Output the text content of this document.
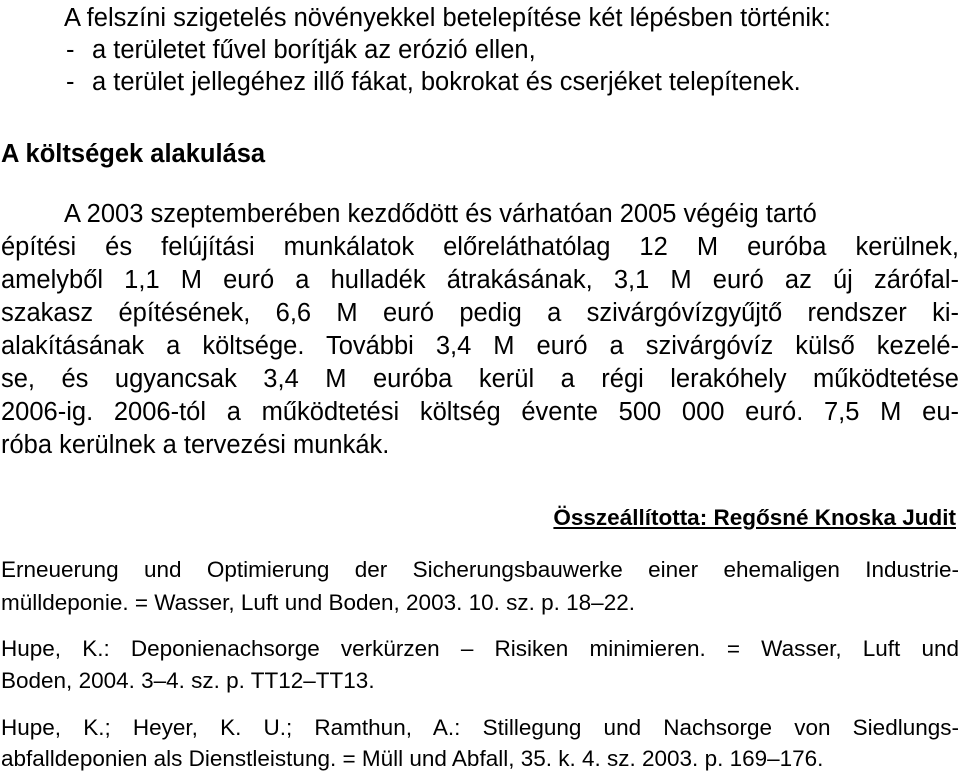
A felszíni szigetelés növényekkel betelepítése két lépésben történik:

- a területet fűvel borítják az erózió ellen,

- a terület jellegéhez illő fákat, bokrokat és cserjéket telepítenek.

A költségek alakulása

A 2003 szeptemberében kezdődött és várhatóan 2005 végéig tartó

építési és felújítási munkálatok előreláthatólag 12 M euróba kerülnek,

amelyből 1,1 M euró a hulladék átrakásának, 3,1 M euró az új zárófal-

szakasz építésének, 6,6 M euró pedig a szivárgóvízgyűjtő rendszer ki-

alakításának a költsége. További 3,4 M euró a szivárgóvíz külső kezelé-

se, és ugyancsak 3,4 M euróba kerül a régi lerakóhely működtetése

2006-ig. 2006-tól a működtetési költség évente 500 000 euró. 7,5 M eu-

róba kerülnek a tervezési munkák.

Összeállította: Regősné Knoska Judit

Erneuerung und Optimierung der Sicherungsbauwerke einer ehemaligen Industrie-

mülldeponie. = Wasser, Luft und Boden, 2003. 10. sz. p. 18–22.

Hupe, K.: Deponienachsorge verkürzen – Risiken minimieren. = Wasser, Luft und

Boden, 2004. 3–4. sz. p. TT12–TT13.

Hupe, K.; Heyer, K. U.; Ramthun, A.: Stillegung und Nachsorge von Siedlungs-

abfalldeponien als Dienstleistung. = Müll und Abfall, 35. k. 4. sz. 2003. p. 169–176.
